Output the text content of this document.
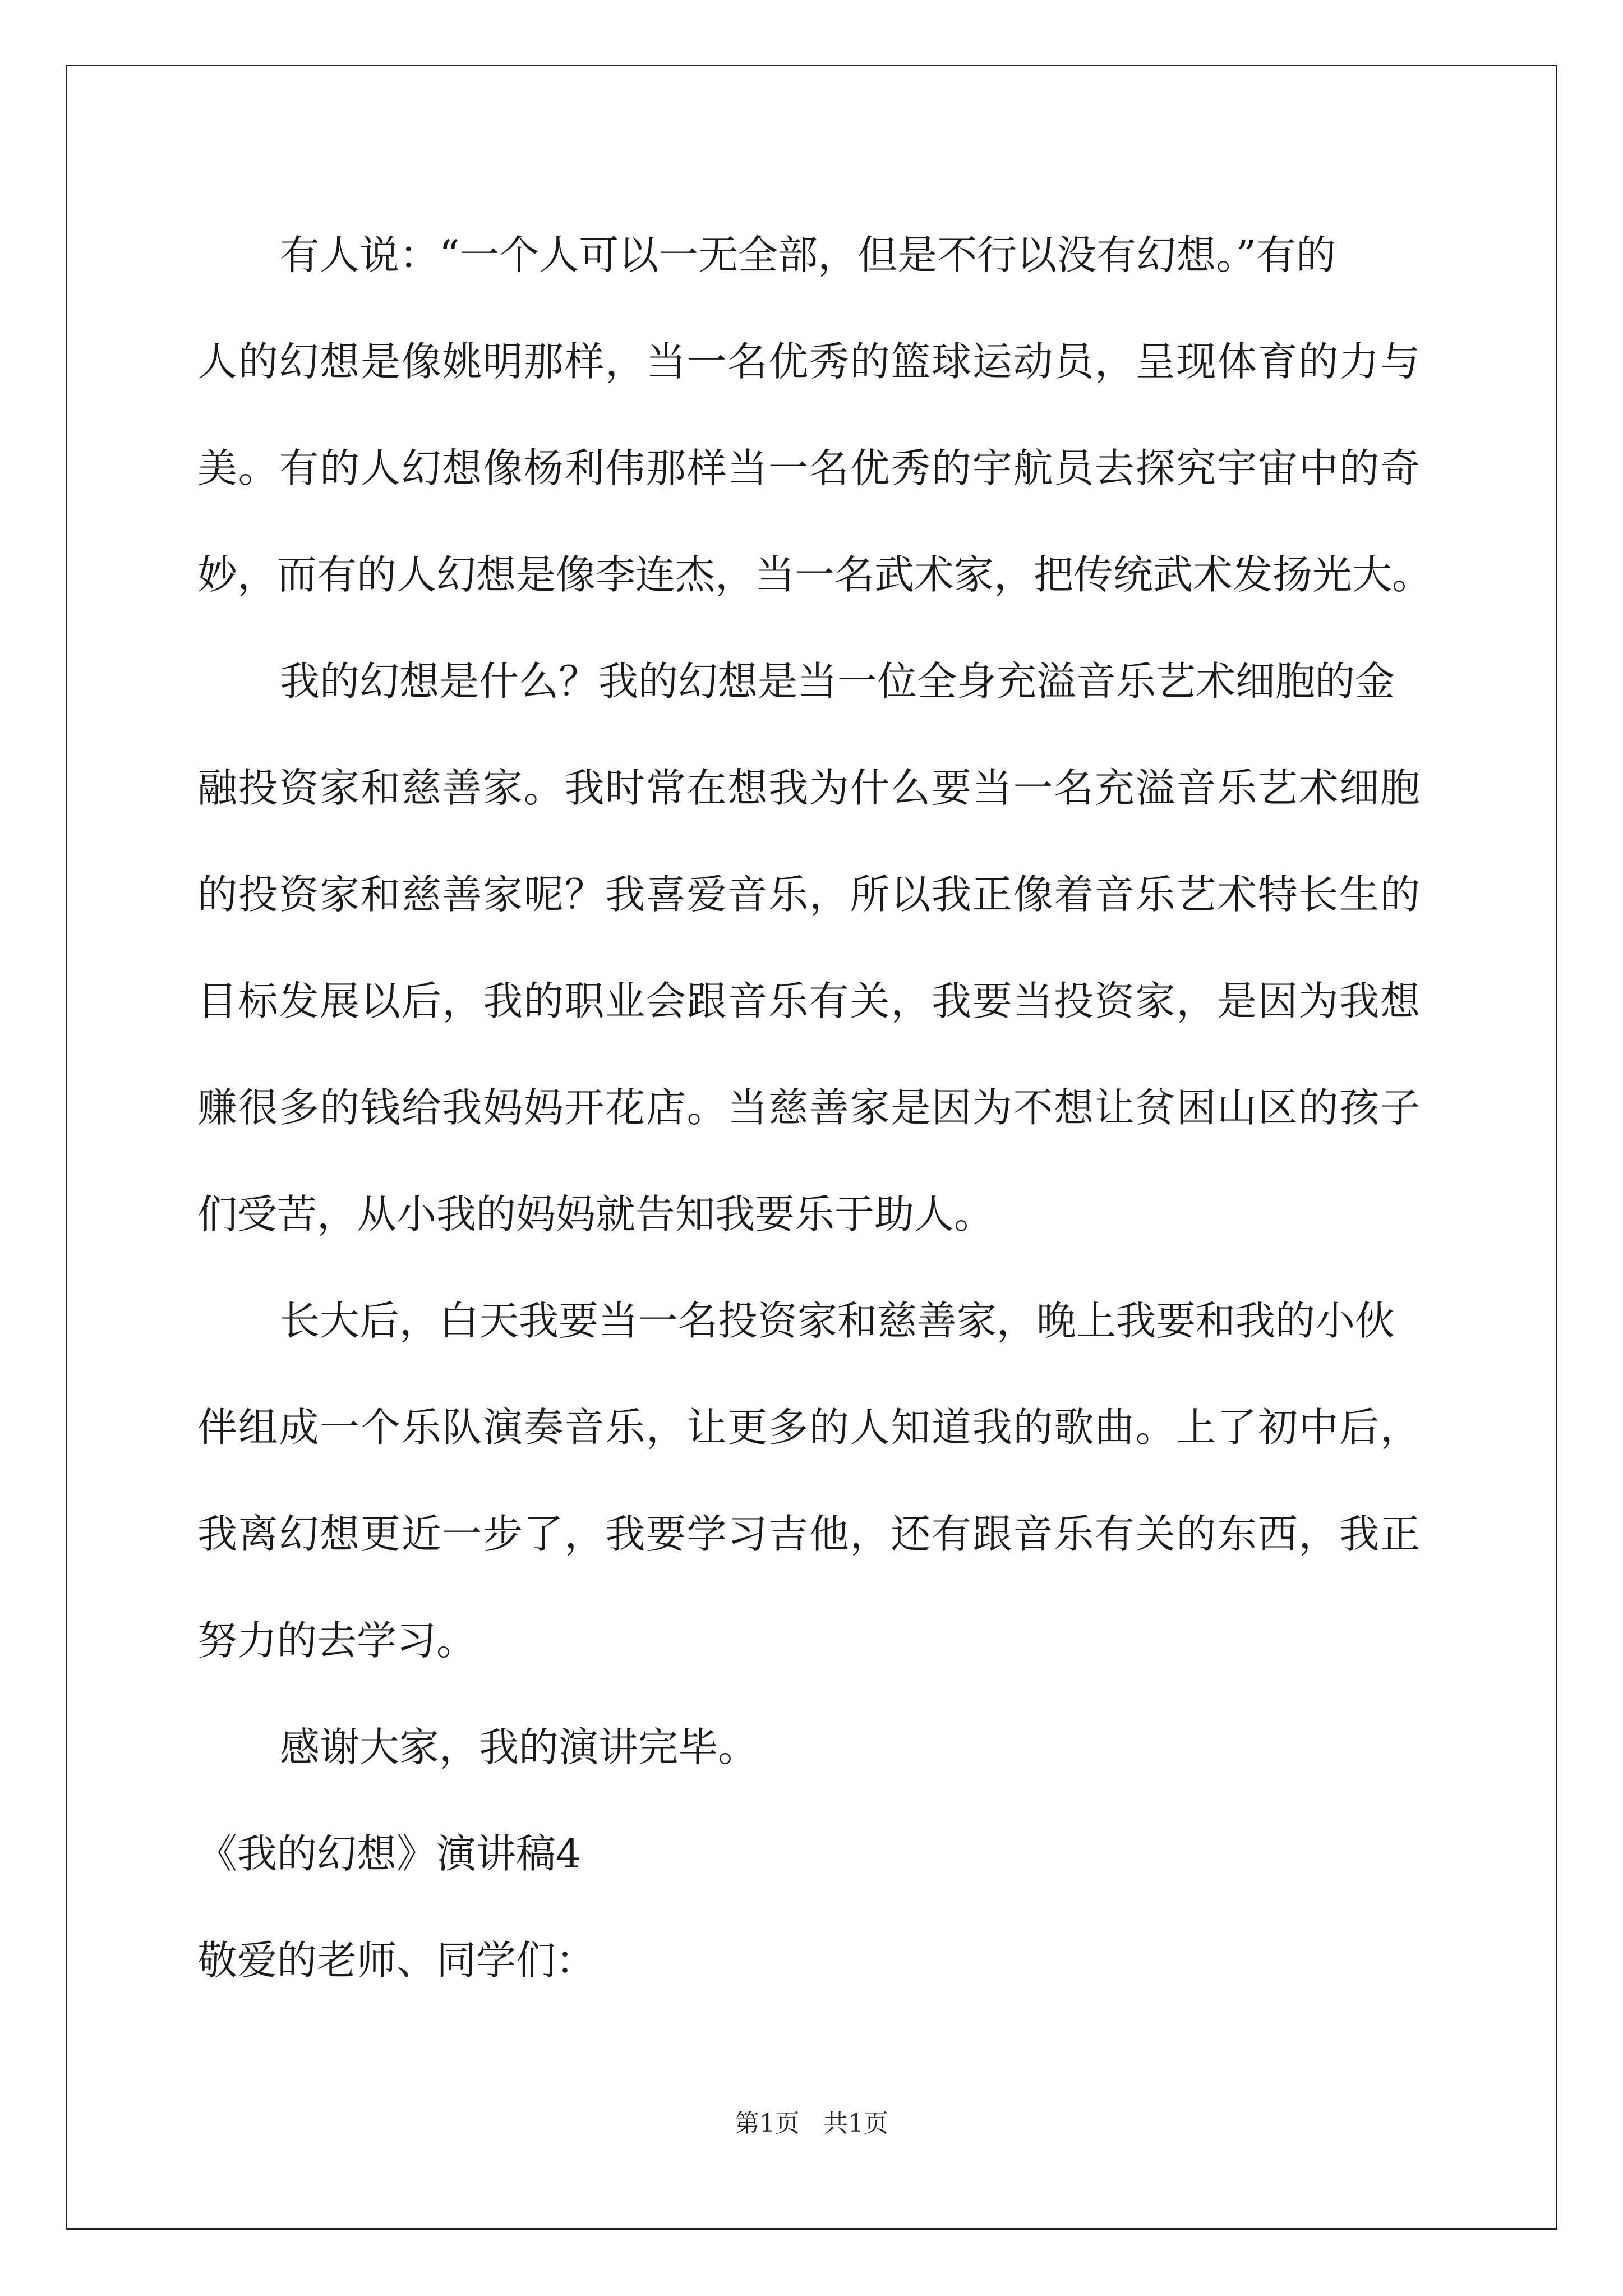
有人说：“一个人可以一无全部，但是不行以没有幻想。”有的
人的幻想是像姚明那样，当一名优秀的篮球运动员，呈现体育的力与
美。有的人幻想像杨利伟那样当一名优秀的宇航员去探究宇宙中的奇
妙，而有的人幻想是像李连杰，当一名武术家，把传统武术发扬光大。
我的幻想是什么？我的幻想是当一位全身充溢音乐艺术细胞的金
融投资家和慈善家。我时常在想我为什么要当一名充溢音乐艺术细胞
的投资家和慈善家呢？我喜爱音乐，所以我正像着音乐艺术特长生的
目标发展以后，我的职业会跟音乐有关，我要当投资家，是因为我想
赚很多的钱给我妈妈开花店。当慈善家是因为不想让贫困山区的孩子
们受苦，从小我的妈妈就告知我要乐于助人。
长大后，白天我要当一名投资家和慈善家，晚上我要和我的小伙
伴组成一个乐队演奏音乐，让更多的人知道我的歌曲。上了初中后，
我离幻想更近一步了，我要学习吉他，还有跟音乐有关的东西，我正
努力的去学习。
感谢大家，我的演讲完毕。
《我的幻想》演讲稿4
敬爱的老师、同学们：
第1页 共1页
